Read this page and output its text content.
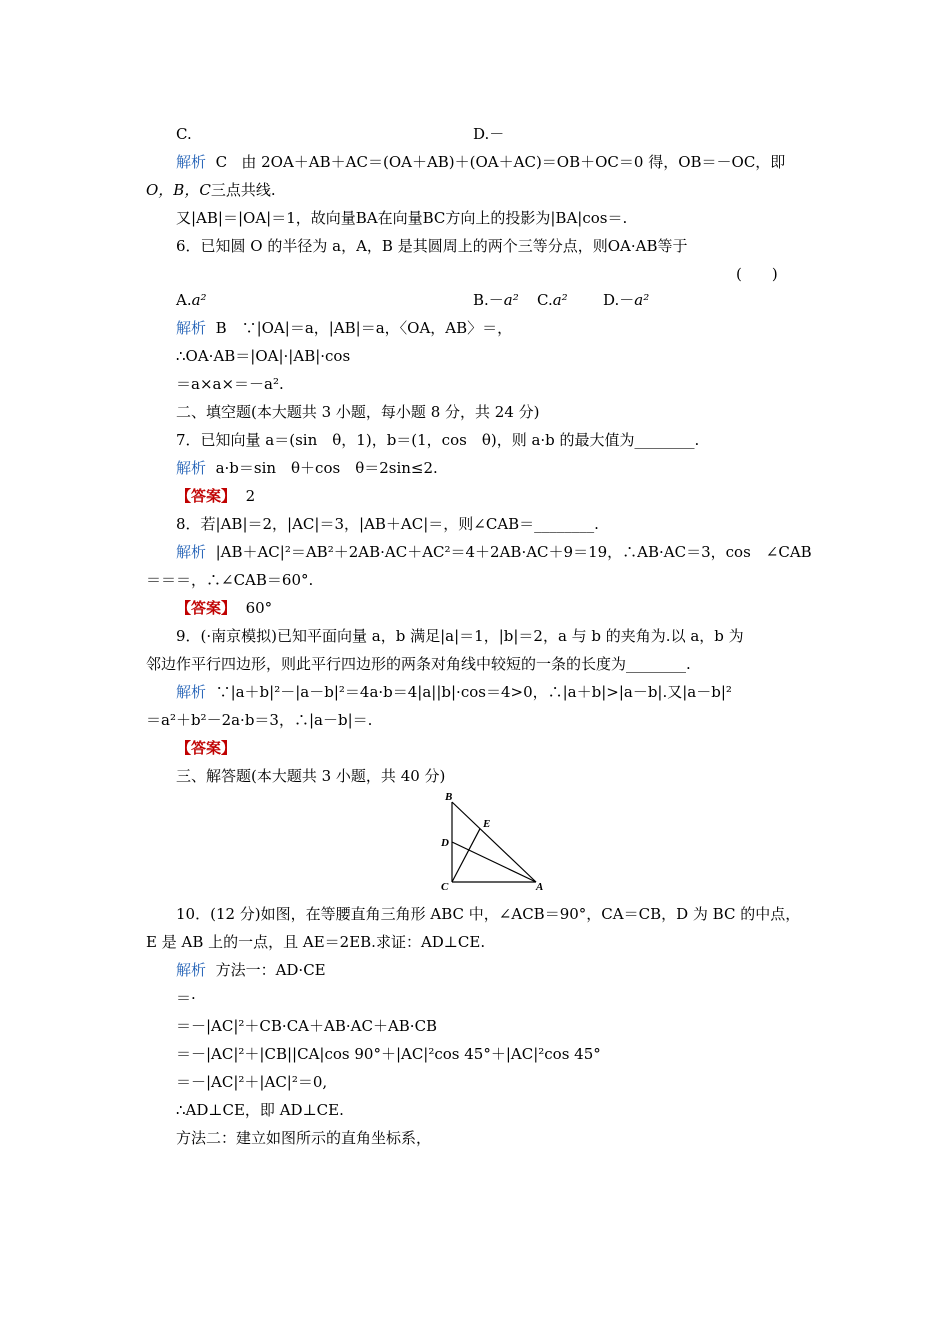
C.	D.－
解析 C 由 2OA＋AB＋AC＝(OA＋AB)＋(OA＋AC)＝OB＋OC＝0 得，OB＝－OC，即
O，B，C三点共线.
又|AB|＝|OA|＝1，故向量BA在向量BC方向上的投影为|BA|cos＝.
6．已知圆 O 的半径为 a，A，B 是其圆周上的两个三等分点，则OA·AB等于
(　　)
A.a²	B.－a² C.a² D.－a²
解析 B　∵|OA|＝a，|AB|＝a，〈OA，AB〉＝，
∴OA·AB＝|OA|·|AB|·cos
＝a×a×＝－a².
二、填空题(本大题共 3 小题，每小题 8 分，共 24 分)
7．已知向量 a＝(sin　θ，1)，b＝(1，cos　θ)，则 a·b 的最大值为________.
解析 a·b＝sin　θ＋cos　θ＝2sin≤2.
【答案】 2
8．若|AB|＝2，|AC|＝3，|AB＋AC|＝，则∠CAB＝________.
解析 |AB＋AC|²＝AB²＋2AB·AC＋AC²＝4＋2AB·AC＋9＝19，∴AB·AC＝3，cos　∠CAB
＝＝＝，∴∠CAB＝60°.
【答案】 60°
9．(·南京模拟)已知平面向量 a，b 满足|a|＝1，|b|＝2，a 与 b 的夹角为.以 a，b 为
邻边作平行四边形，则此平行四边形的两条对角线中较短的一条的长度为________.
解析 ∵|a＋b|²－|a－b|²＝4a·b＝4|a||b|·cos＝4>0，∴|a＋b|>|a－b|.又|a－b|²
＝a²＋b²－2a·b＝3，∴|a－b|＝.
【答案】
三、解答题(本大题共 3 小题，共 40 分)
B
E
D
C	A
10．(12 分)如图，在等腰直角三角形 ABC 中，∠ACB＝90°，CA＝CB，D 为 BC 的中点，
E 是 AB 上的一点，且 AE＝2EB.求证：AD⊥CE.
解析 方法一：AD·CE
＝·
＝－|AC|²＋CB·CA＋AB·AC＋AB·CB
＝－|AC|²＋|CB||CA|cos 90°＋|AC|²cos 45°＋|AC|²cos 45°
＝－|AC|²＋|AC|²＝0,
∴AD⊥CE，即 AD⊥CE.
方法二：建立如图所示的直角坐标系，
